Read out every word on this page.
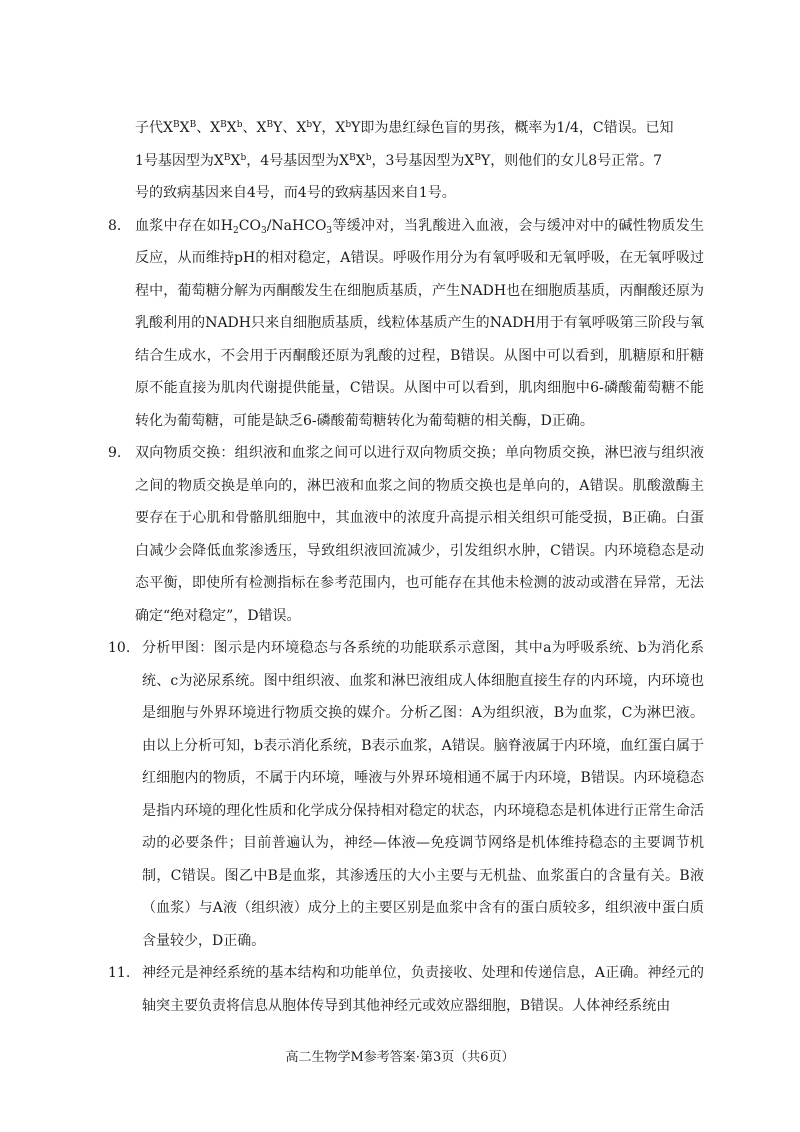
子代$X^BX^B$、$X^BX^b$、$X^BY$、$X^bY$，$X^bY$即为患红绿色盲的男孩，概率为1/4，C错误。已知
1号基因型为$X^BX^b$，4号基因型为$X^BX^b$，3号基因型为$X^BY$，则他们的女儿8号正常。7
号的致病基因来自4号，而4号的致病基因来自1号。

8. 血浆中存在如$H_2CO_3/NaHCO_3$等缓冲对，当乳酸进入血液，会与缓冲对中的碱性物质发生反应，从而维持pH的相对稳定，A错误。呼吸作用分为有氧呼吸和无氧呼吸，在无氧呼吸过程中，葡萄糖分解为丙酮酸发生在细胞质基质，产生NADH也在细胞质基质，丙酮酸还原为乳酸利用的NADH只来自细胞质基质，线粒体基质产生的NADH用于有氧呼吸第三阶段与氧结合生成水，不会用于丙酮酸还原为乳酸的过程，B错误。从图中可以看到，肌糖原和肝糖原不能直接为肌肉代谢提供能量，C错误。从图中可以看到，肌肉细胞中6-磷酸葡萄糖不能转化为葡萄糖，可能是缺乏6-磷酸葡萄糖转化为葡萄糖的相关酶，D正确。
9. 双向物质交换：组织液和血浆之间可以进行双向物质交换；单向物质交换，淋巴液与组织液之间的物质交换是单向的，淋巴液和血浆之间的物质交换也是单向的，A错误。肌酸激酶主要存在于心肌和骨骼肌细胞中，其血液中的浓度升高提示相关组织可能受损，B正确。白蛋白减少会降低血浆渗透压，导致组织液回流减少，引发组织水肿，C错误。内环境稳态是动态平衡，即使所有检测指标在参考范围内，也可能存在其他未检测的波动或潜在异常，无法确定“绝对稳定”，D错误。
10. 分析甲图：图示是内环境稳态与各系统的功能联系示意图，其中a为呼吸系统、b为消化系统、c为泌尿系统。图中组织液、血浆和淋巴液组成人体细胞直接生存的内环境，内环境也是细胞与外界环境进行物质交换的媒介。分析乙图：A为组织液，B为血浆，C为淋巴液。由以上分析可知，b表示消化系统，B表示血浆，A错误。脑脊液属于内环境，血红蛋白属于红细胞内的物质，不属于内环境，唾液与外界环境相通不属于内环境，B错误。内环境稳态是指内环境的理化性质和化学成分保持相对稳定的状态，内环境稳态是机体进行正常生命活动的必要条件；目前普遍认为，神经—体液—免疫调节网络是机体维持稳态的主要调节机制，C错误。图乙中B是血浆，其渗透压的大小主要与无机盐、血浆蛋白的含量有关。B液（血浆）与A液（组织液）成分上的主要区别是血浆中含有的蛋白质较多，组织液中蛋白质含量较少，D正确。
11. 神经元是神经系统的基本结构和功能单位，负责接收、处理和传递信息，A正确。神经元的轴突主要负责将信息从胞体传导到其他神经元或效应器细胞，B错误。人体神经系统由
高二生物学M参考答案·第3页（共6页）
